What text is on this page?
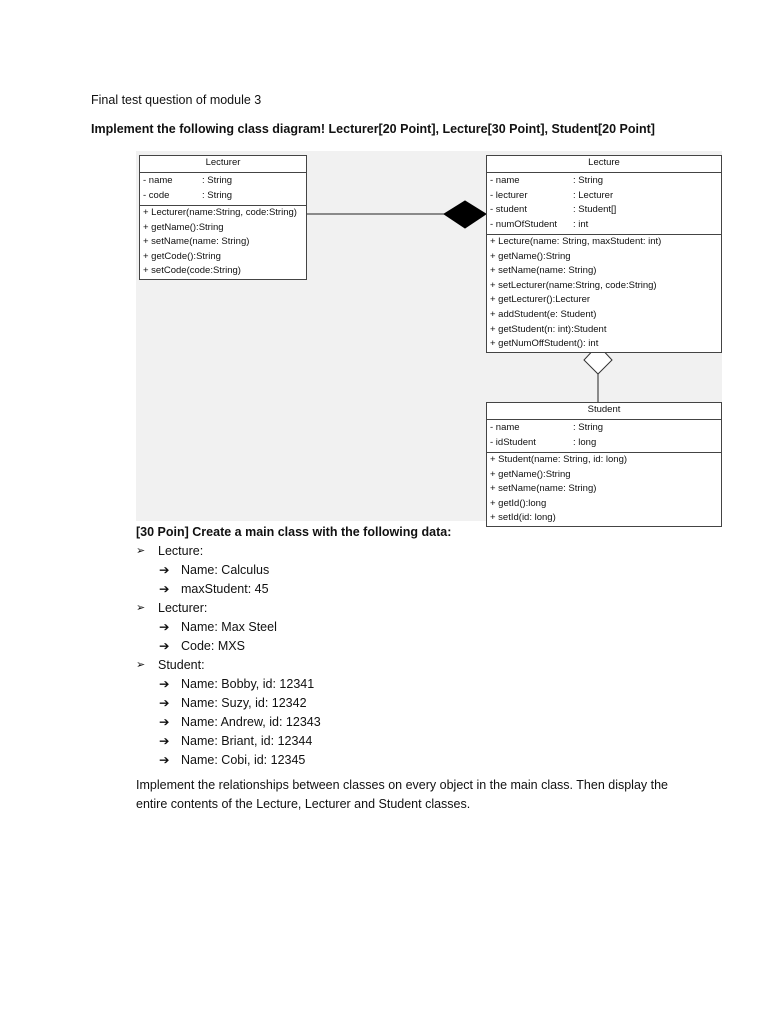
Final test question of module 3
Implement the following class diagram! Lecturer[20 Point], Lecture[30 Point], Student[20 Point]
Lecturer
- name	: String
- code	: String
+ Lecturer(name:String, code:String)
+ getName():String
+ setName(name: String)
+ getCode():String
+ setCode(code:String)
Lecture
- name	: String
- lecturer	: Lecturer
- student	: Student[]
- numOfStudent : int
+ Lecture(name: String, maxStudent: int)
+ getName():String
+ setName(name: String)
+ setLecturer(name:String, code:String)
+ getLecturer():Lecturer
+ addStudent(e: Student)
+ getStudent(n: int):Student
+ getNumOffStudent(): int
Student
- name	: String
- idStudent	: long
+ Student(name: String, id: long)
+ getName():String
+ setName(name: String)
+ getId():long
+ setId(id: long)
[30 Poin] Create a main class with the following data:
➢ Lecture:
➔ Name: Calculus
➔ maxStudent: 45
➢ Lecturer:
➔ Name: Max Steel
➔ Code: MXS
➢ Student:
➔ Name: Bobby, id: 12341
➔ Name: Suzy, id: 12342
➔ Name: Andrew, id: 12343
➔ Name: Briant, id: 12344
➔ Name: Cobi, id: 12345
Implement the relationships between classes on every object in the main class. Then display the entire contents of the Lecture, Lecturer and Student classes.
